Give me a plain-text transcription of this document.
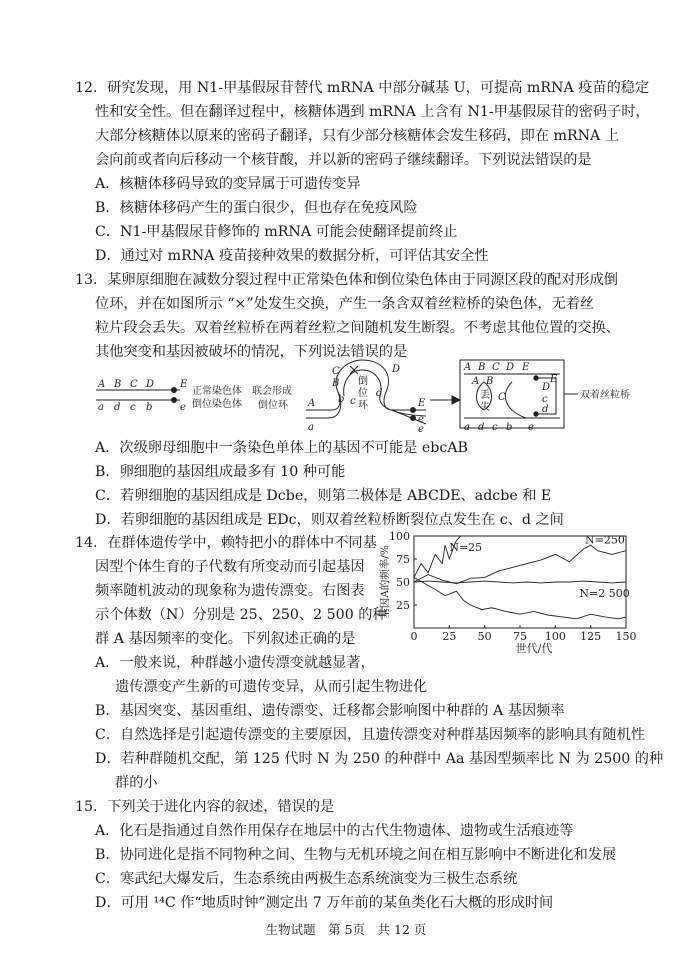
12．研究发现，用 N1-甲基假尿苷替代 mRNA 中部分碱基 U，可提高 mRNA 疫苗的稳定
性和安全性。但在翻译过程中，核糖体遇到 mRNA 上含有 N1-甲基假尿苷的密码子时，
大部分核糖体以原来的密码子翻译，只有少部分核糖体会发生移码，即在 mRNA 上
会向前或者向后移动一个核苷酸，并以新的密码子继续翻译。下列说法错误的是
A．核糖体移码导致的变异属于可遗传变异
B．核糖体移码产生的蛋白很少，但也存在免疫风险
C．N1-甲基假尿苷修饰的 mRNA 可能会使翻译提前终止
D．通过对 mRNA 疫苗接种效果的数据分析，可评估其安全性
13．某卵原细胞在减数分裂过程中正常染色体和倒位染色体由于同源区段的配对形成倒
位环，并在如图所示 “×”处发生交换，产生一条含双着丝粒桥的染色体，无着丝
粒片段会丢失。双着丝粒桥在两着丝粒之间随机发生断裂。不考虑其他位置的交换、
其他突变和基因被破坏的情况，下列说法错误的是
A B C D	E
a d c b	e
正常染色体
倒位染色体
联会形成
倒位环 A
a
C
B
D
b c
d
倒
位
环	E
e
e
A B C D E
A B
丢
失
C
D
c
d
E
a d c b e
双着丝粒桥
A．次级卵母细胞中一条染色单体上的基因不可能是 ebcAB
B．卵细胞的基因组成最多有 10 种可能
C．若卵细胞的基因组成是 Dcbe，则第二极体是 ABCDE、adcbe 和 E
D．若卵细胞的基因组成是 EDc，则双着丝粒桥断裂位点发生在 c、d 之间
14．在群体遗传学中，赖特把小的群体中不同基
因型个体生育的子代数有所变动而引起基因
频率随机波动的现象称为遗传漂变。右图表
示个体数（N）分别是 25、250、2 500 的种
群 A 基因频率的变化。下列叙述正确的是
A．一般来说，种群越小遗传漂变就越显著，
0 25 50 75 100 125 150
25
50
75
100
世代/代
基因A的频率/%	N=25
N=250
N=2 500
遗传漂变产生新的可遗传变异，从而引起生物进化
B．基因突变、基因重组、遗传漂变、迁移都会影响图中种群的 A 基因频率
C．自然选择是引起遗传漂变的主要原因，且遗传漂变对种群基因频率的影响具有随机性
D．若种群随机交配，第 125 代时 N 为 250 的种群中 Aa 基因型频率比 N 为 2500 的种
群的小
15．下列关于进化内容的叙述，错误的是
A．化石是指通过自然作用保存在地层中的古代生物遗体、遗物或生活痕迹等
B．协同进化是指不同物种之间、生物与无机环境之间在相互影响中不断进化和发展
C．寒武纪大爆发后，生态系统由两极生态系统演变为三极生态系统
D．可用 ¹⁴C 作“地质时钟”测定出 7 万年前的某鱼类化石大概的形成时间
生物试题　第 5页　共 12 页
